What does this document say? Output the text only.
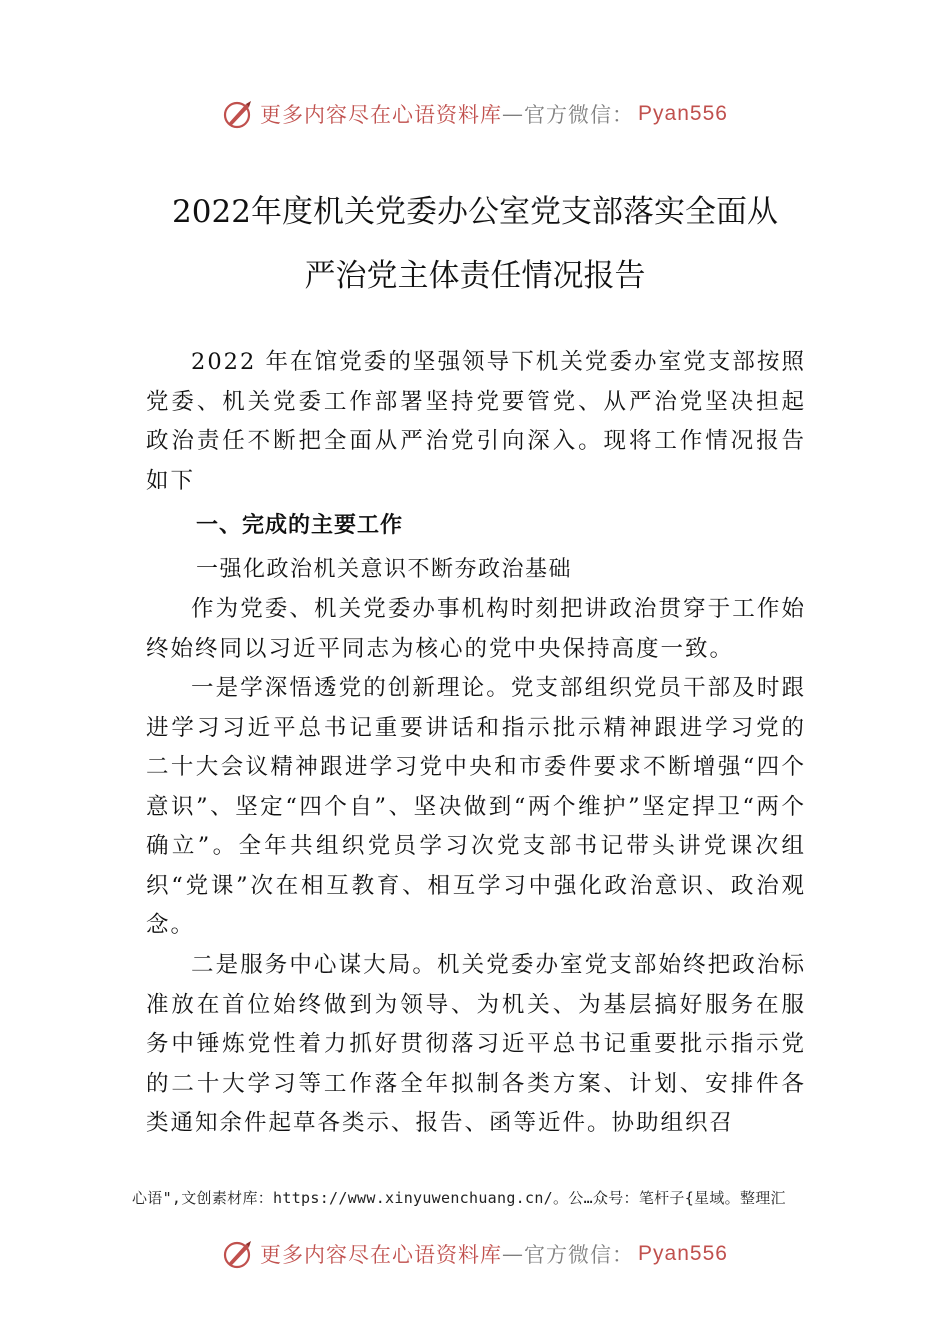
更多内容尽在心语资料库 — 官方微信： Pyan556
2022年度机关党委办公室党支部落实全面从
严治党主体责任情况报告
2022 年在馆党委的坚强领导下机关党委办室党支部按照党委、机关党委工作部署坚持党要管党、从严治党坚决担起政治责任不断把全面从严治党引向深入。现将工作情况报告如下
一、完成的主要工作
一强化政治机关意识不断夯政治基础
作为党委、机关党委办事机构时刻把讲政治贯穿于工作始终始终同以习近平同志为核心的党中央保持高度一致。
一是学深悟透党的创新理论。党支部组织党员干部及时跟进学习习近平总书记重要讲话和指示批示精神跟进学习党的二十大会议精神跟进学习党中央和市委件要求不断增强“四个意识”、坚定“四个自”、坚决做到“两个维护”坚定捍卫“两个确立”。全年共组织党员学习次党支部书记带头讲党课次组织“党课”次在相互教育、相互学习中强化政治意识、政治观念。
二是服务中心谋大局。机关党委办室党支部始终把政治标准放在首位始终做到为领导、为机关、为基层搞好服务在服务中锤炼党性着力抓好贯彻落习近平总书记重要批示指示党的二十大学习等工作落全年拟制各类方案、计划、安排件各类通知余件起草各类示、报告、函等近件。协助组织召
心语",文创素材库：https://www.xinyuwenchuang.cn/。公…众号：笔杆子{星域。整理汇
更多内容尽在心语资料库 — 官方微信： Pyan556
